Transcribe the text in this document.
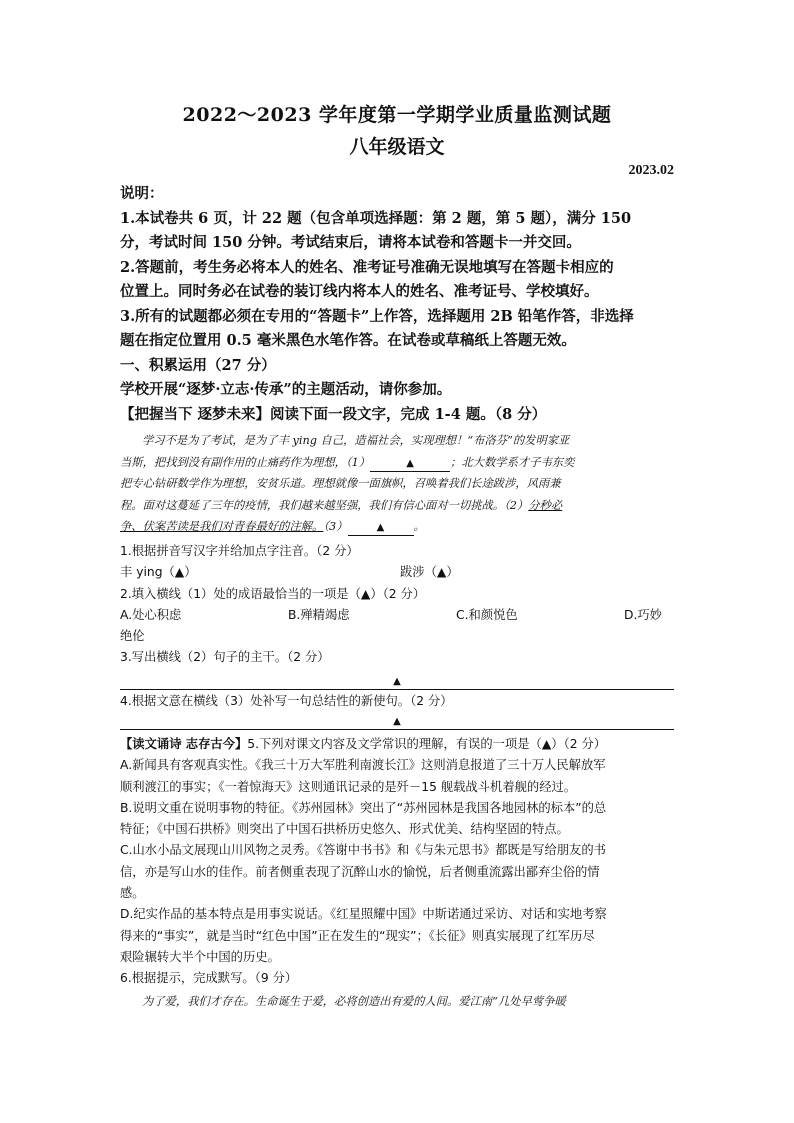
2022～2023 学年度第一学期学业质量监测试题
八年级语文
2023.02

说明：

1.本试卷共 6 页，计 22 题（包含单项选择题：第 2 题，第 5 题），满分 150

分，考试时间 150 分钟。考试结束后，请将本试卷和答题卡一并交回。

2.答题前，考生务必将本人的姓名、准考证号准确无误地填写在答题卡相应的

位置上。同时务必在试卷的装订线内将本人的姓名、准考证号、学校填好。

3.所有的试题都必须在专用的“答题卡”上作答，选择题用 2B 铅笔作答，非选择

题在指定位置用 0.5 毫米黑色水笔作答。在试卷或草稿纸上答题无效。

一、积累运用（27 分）

学校开展“逐梦·立志·传承”的主题活动，请你参加。

【把握当下 逐梦未来】阅读下面一段文字，完成 1-4 题。（8 分）

学习不是为了考试，是为了丰 ying 自己，造福社会，实现理想！“布洛芬”的发明家亚

当斯，把找到没有副作用的止痛药作为理想，（1）	▲	；北大数学系才子韦东奕

把专心钻研数学作为理想，安贫乐道。理想就像一面旗帜，召唤着我们长途跋涉，风雨兼

程。面对这蔓延了三年的疫情，我们越来越坚强，我们有信心面对一切挑战。（2）分秒必

争、伏案苦读是我们对青春最好的注解。（3）	▲	。

1.根据拼音写汉字并给加点字注音。（2 分）

丰 ying（▲）	跋涉（▲）

2.填入横线（1）处的成语最恰当的一项是（▲）（2 分）

A.处心积虑	B.殚精竭虑	C.和颜悦色	D.巧妙

绝伦

3.写出横线（2）句子的主干。（2 分）

▲

4.根据文意在横线（3）处补写一句总结性的新使句。（2 分）

▲

【读文诵诗 志存古今】5.下列对课文内容及文学常识的理解，有误的一项是（▲）（2 分）

A.新闻具有客观真实性。《我三十万大军胜利南渡长江》这则消息报道了三十万人民解放军

顺利渡江的事实；《一着惊海天》这则通讯记录的是歼－15 舰载战斗机着舰的经过。

B.说明文重在说明事物的特征。《苏州园林》突出了“苏州园林是我国各地园林的标本”的总

特征；《中国石拱桥》则突出了中国石拱桥历史悠久、形式优美、结构坚固的特点。

C.山水小品文展现山川风物之灵秀。《答谢中书书》和《与朱元思书》都既是写给朋友的书

信，亦是写山水的佳作。前者侧重表现了沉醉山水的愉悦，后者侧重流露出鄙弃尘俗的情

感。

D.纪实作品的基本特点是用事实说话。《红星照耀中国》中斯诺通过采访、对话和实地考察

得来的“事实”，就是当时“红色中国”正在发生的“现实”；《长征》则真实展现了红军历尽

艰险辗转大半个中国的历史。

6.根据提示，完成默写。（9 分）

为了爱，我们才存在。生命诞生于爱，必将创造出有爱的人间。爱江南“几处早莺争暖
